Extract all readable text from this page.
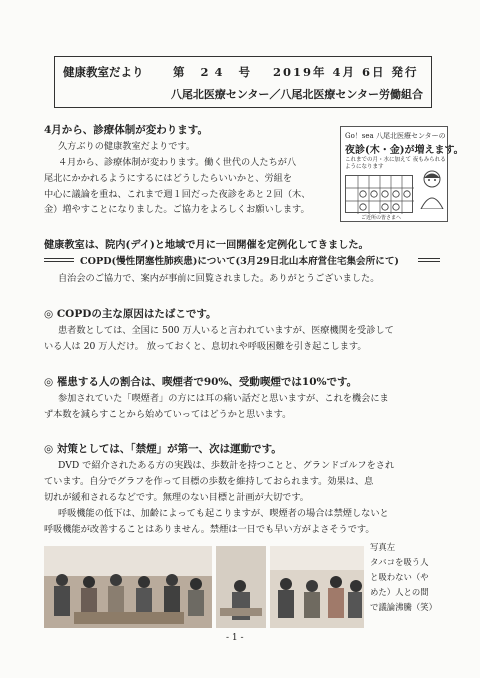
健康教室だより	第 24 号 2019年 4月 6日 発行
八尾北医療センター／八尾北医療センター労働組合
4月から、診療体制が変わります。
久方ぶりの健康教室だよりです。
４月から、診療体制が変わります。働く世代の人たちが八
尾北にかかれるようにするにはどうしたらいいかと、労組を
中心に議論を重ね、これまで週１回だった夜診をあと２回（木、
金）増やすことになりました。ご協力をよろしくお願いします。
Go！sea 八尾北医療センターの
夜診(木・金)が増えます。
これまでの月・水に加えて 夜もみられるようになります
ご近所の皆さまへ
健康教室は、院内(デイ)と地域で月に一回開催を定例化してきました。
COPD(慢性閉塞性肺疾患)について(3月29日北山本府営住宅集会所にて)
自治会のご協力で、案内が事前に回覧されました。ありがとうございました。
◎ COPDの主な原因はたばこです。
患者数としては、全国に 500 万人いると言われていますが、医療機関を受診して
いる人は 20 万人だけ。 放っておくと、息切れや呼吸困難を引き起こします。
◎ 罹患する人の割合は、喫煙者で90%、受動喫煙では10%です。
参加されていた「喫煙者」の方には耳の痛い話だと思いますが、これを機会にま
ず本数を減らすことから始めていってはどうかと思います。
◎ 対策としては、「禁煙」が第一、次は運動です。
DVD で紹介されたある方の実践は、歩数計を持つことと、グランドゴルフをされ
ています。自分でグラフを作って目標の歩数を維持しておられます。効果は、息
切れが緩和されるなどです。無理のない目標と計画が大切です。
呼吸機能の低下は、加齢によっても起こりますが、喫煙者の場合は禁煙しないと
呼吸機能が改善することはありません。禁煙は一日でも早い方がよさそうです。
写真左
タバコを吸う人
と吸わない（や
めた）人との間
で議論沸騰（笑）
- 1 -
